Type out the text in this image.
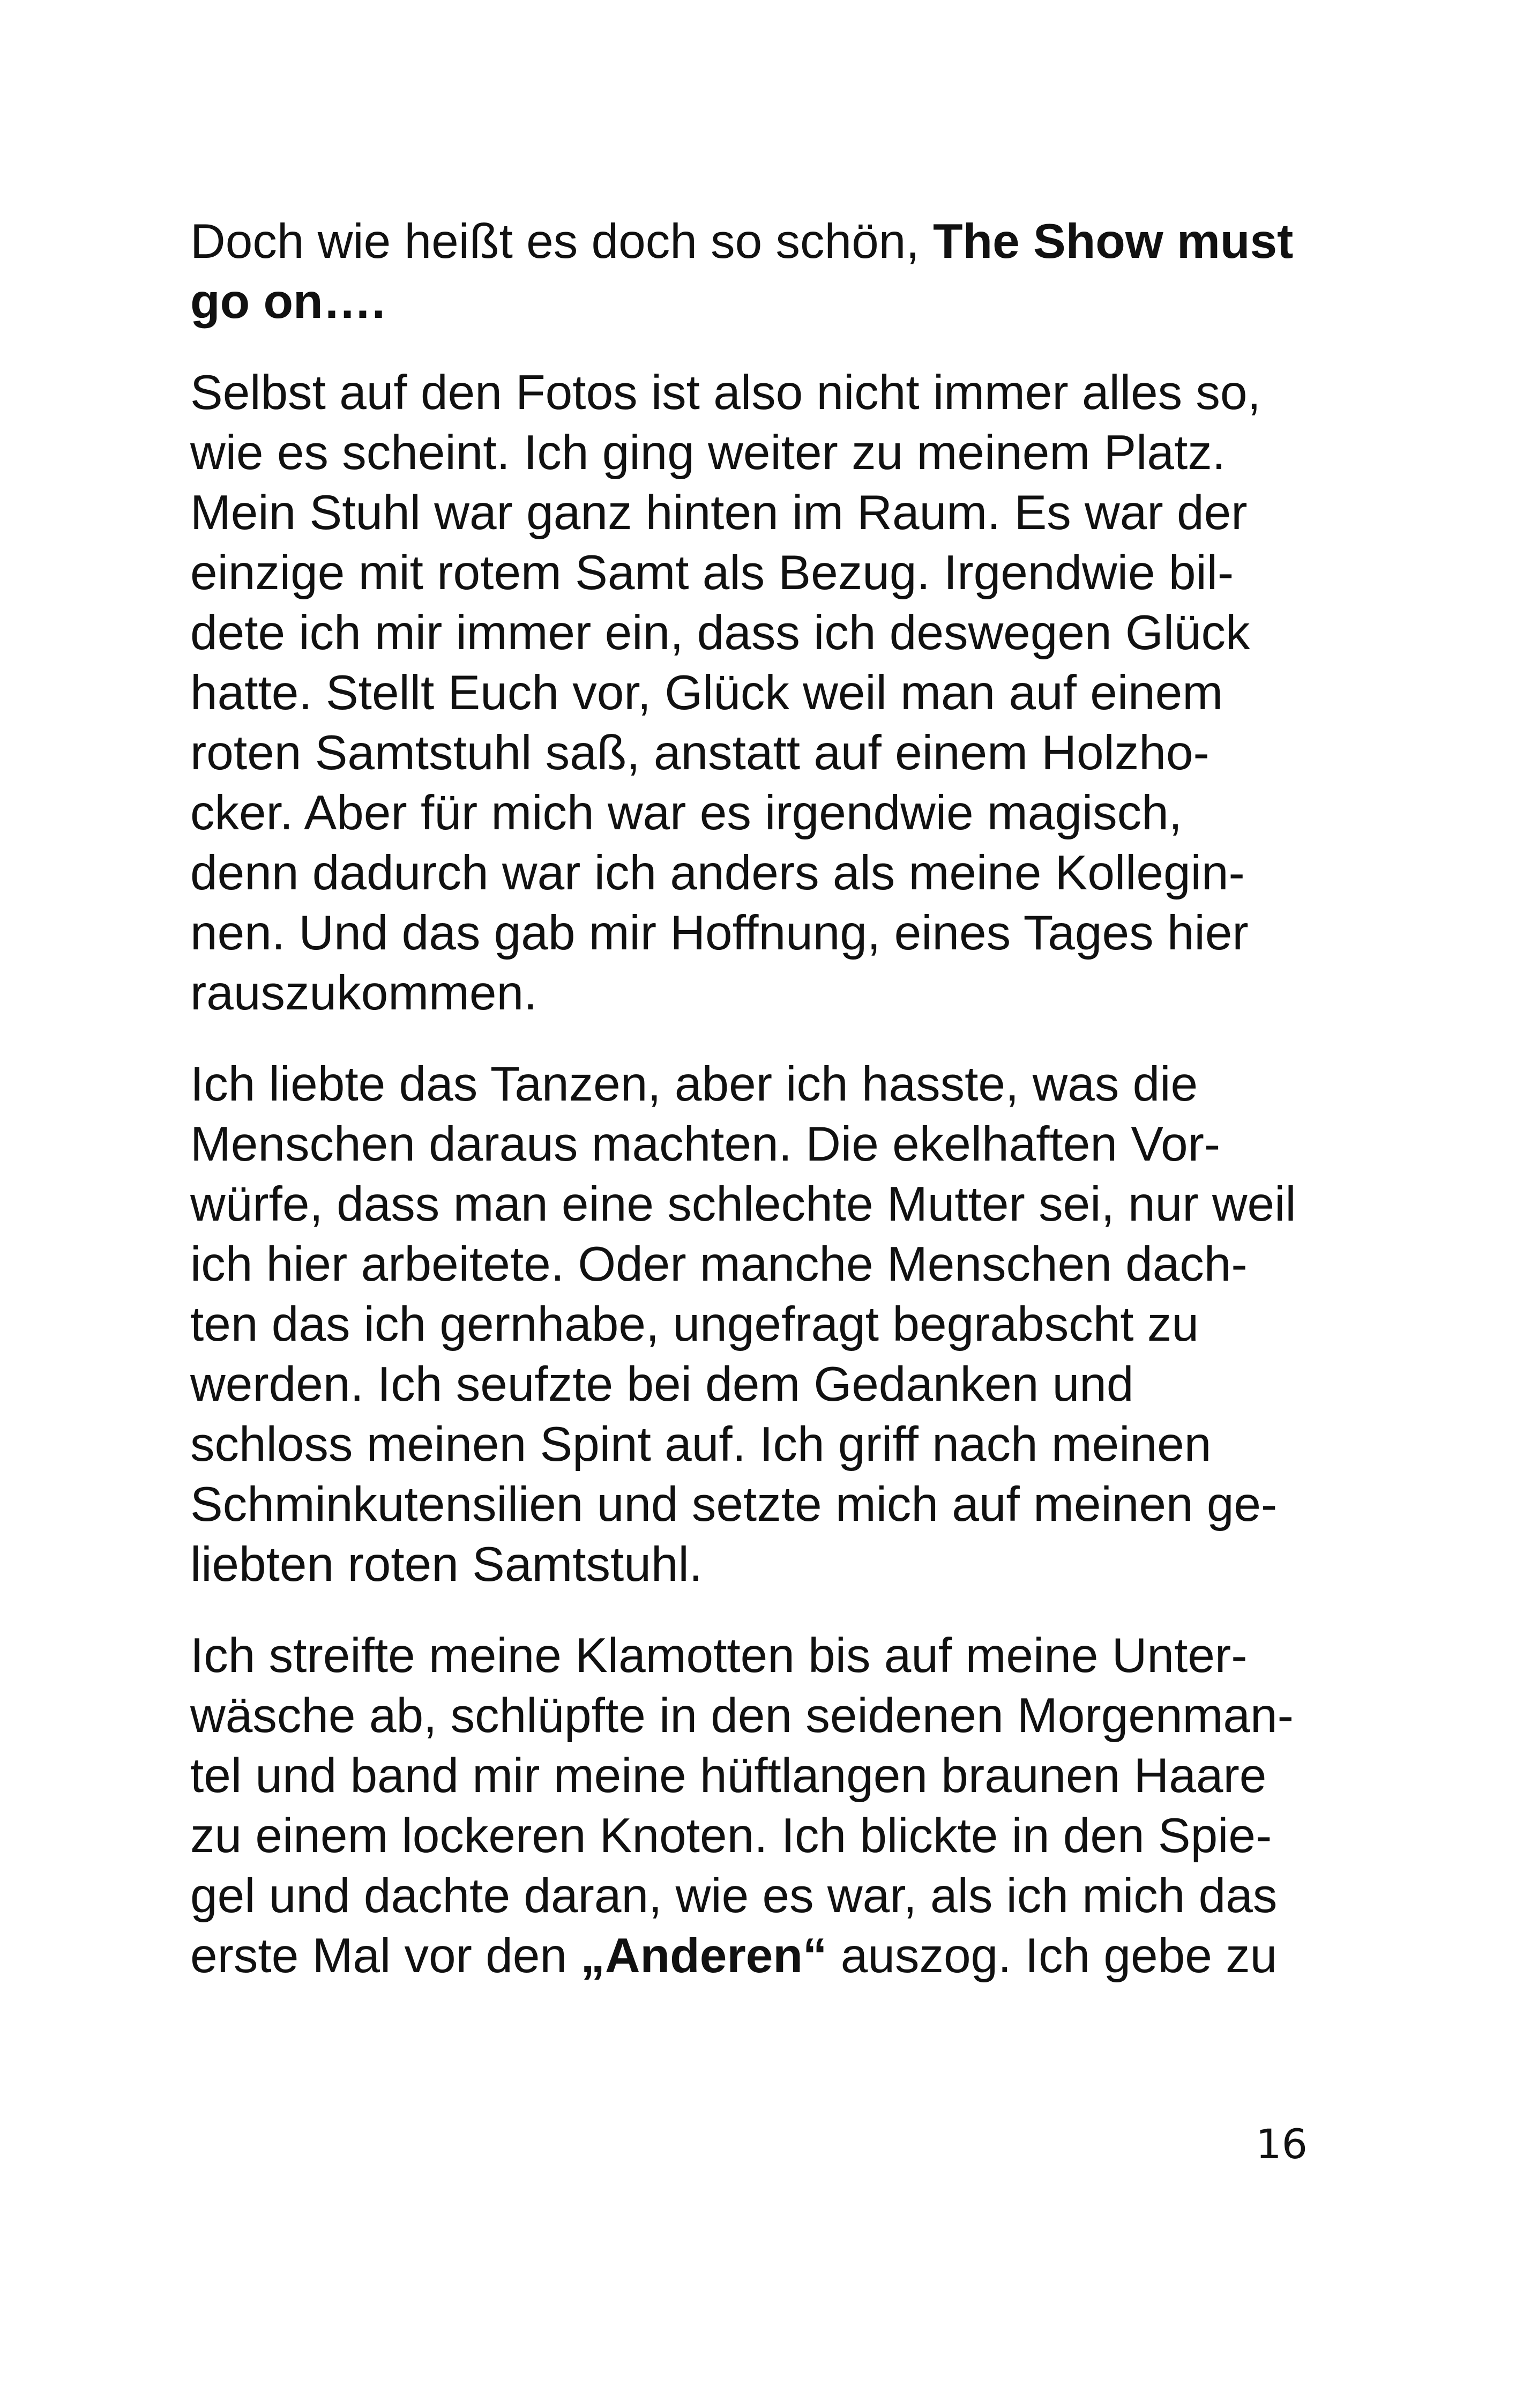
Doch wie heißt es doch so schön, The Show must
go on….

Selbst auf den Fotos ist also nicht immer alles so,
wie es scheint. Ich ging weiter zu meinem Platz.
Mein Stuhl war ganz hinten im Raum. Es war der
einzige mit rotem Samt als Bezug. Irgendwie bil-
dete ich mir immer ein, dass ich deswegen Glück
hatte. Stellt Euch vor, Glück weil man auf einem
roten Samtstuhl saß, anstatt auf einem Holzho-
cker. Aber für mich war es irgendwie magisch,
denn dadurch war ich anders als meine Kollegin-
nen. Und das gab mir Hoffnung, eines Tages hier
rauszukommen.

Ich liebte das Tanzen, aber ich hasste, was die
Menschen daraus machten. Die ekelhaften Vor-
würfe, dass man eine schlechte Mutter sei, nur weil
ich hier arbeitete. Oder manche Menschen dach-
ten das ich gernhabe, ungefragt begrabscht zu
werden. Ich seufzte bei dem Gedanken und
schloss meinen Spint auf. Ich griff nach meinen
Schminkutensilien und setzte mich auf meinen ge-
liebten roten Samtstuhl.

Ich streifte meine Klamotten bis auf meine Unter-
wäsche ab, schlüpfte in den seidenen Morgenman-
tel und band mir meine hüftlangen braunen Haare
zu einem lockeren Knoten. Ich blickte in den Spie-
gel und dachte daran, wie es war, als ich mich das
erste Mal vor den „Anderen“ auszog. Ich gebe zu

16
